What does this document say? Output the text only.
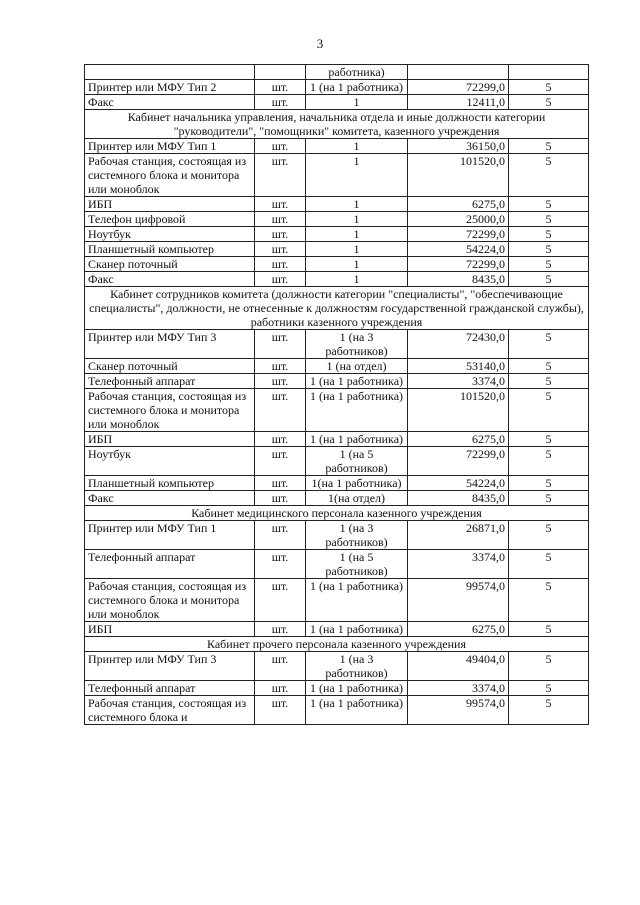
3
		работника)		
Принтер или МФУ Тип 2	шт.	1 (на 1 работника)	72299,0	5
Факс	шт.	1	12411,0	5
Кабинет начальника управления, начальника отдела и иные должности категории "руководители", "помощники" комитета, казенного учреждения				
Принтер или МФУ Тип 1	шт.	1	36150,0	5
Рабочая станция, состоящая из системного блока и монитора или моноблок	шт.	1	101520,0	5
ИБП	шт.	1	6275,0	5
Телефон цифровой	шт.	1	25000,0	5
Ноутбук	шт.	1	72299,0	5
Планшетный компьютер	шт.	1	54224,0	5
Сканер поточный	шт.	1	72299,0	5
Факс	шт.	1	8435,0	5
Кабинет сотрудников комитета (должности категории "специалисты", "обеспечивающие специалисты", должности, не отнесенные к должностям государственной гражданской службы), работники казенного учреждения				
Принтер или МФУ Тип 3	шт.	1 (на 3 работников)	72430,0	5
Сканер поточный	шт.	1 (на отдел)	53140,0	5
Телефонный аппарат	шт.	1 (на 1 работника)	3374,0	5
Рабочая станция, состоящая из системного блока и монитора или моноблок	шт.	1 (на 1 работника)	101520,0	5
ИБП	шт.	1 (на 1 работника)	6275,0	5
Ноутбук	шт.	1 (на 5 работников)	72299,0	5
Планшетный компьютер	шт.	1(на 1 работника)	54224,0	5
Факс	шт.	1(на отдел)	8435,0	5
Кабинет медицинского персонала казенного учреждения				
Принтер или МФУ Тип 1	шт.	1 (на 3 работников)	26871,0	5
Телефонный аппарат	шт.	1 (на 5 работников)	3374,0	5
Рабочая станция, состоящая из системного блока и монитора или моноблок	шт.	1 (на 1 работника)	99574,0	5
ИБП	шт.	1 (на 1 работника)	6275,0	5
Кабинет прочего персонала казенного учреждения				
Принтер или МФУ Тип 3	шт.	1 (на 3 работников)	49404,0	5
Телефонный аппарат	шт.	1 (на 1 работника)	3374,0	5
Рабочая станция, состоящая из системного блока и	шт.	1 (на 1 работника)	99574,0	5
